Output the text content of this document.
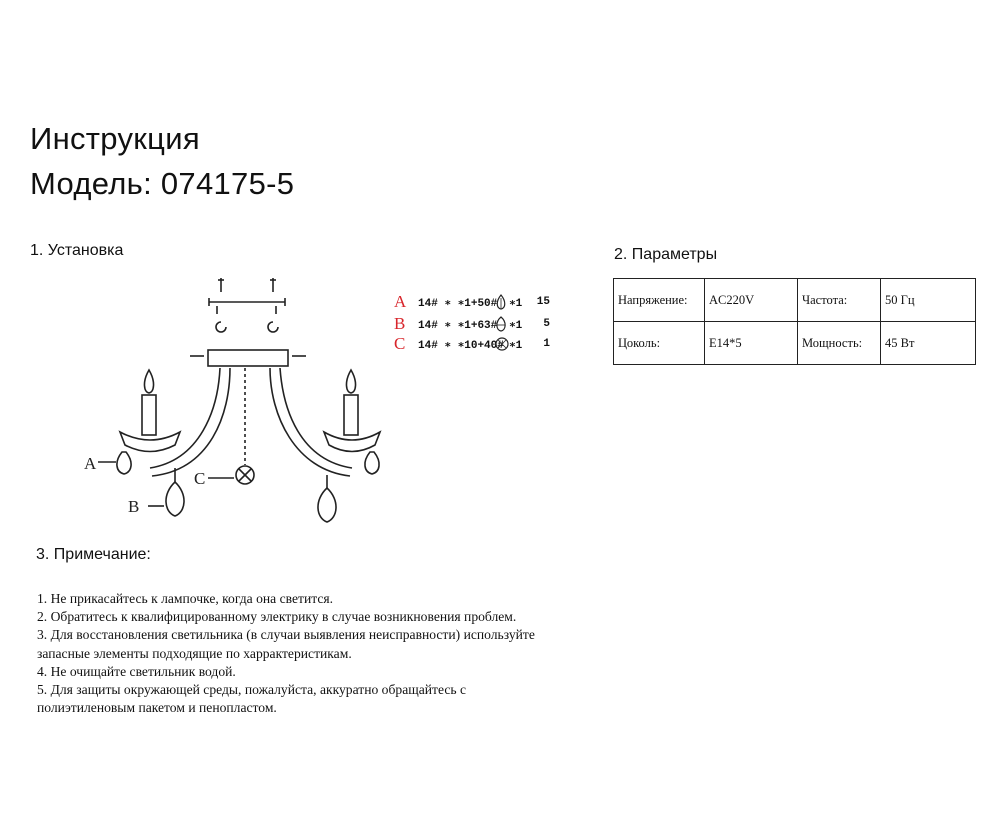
Инструкция
Модель: 074175-5
1. Установка
A
C
B
A 14# ∗ ∗1+50# ∗1 15
B 14# ∗ ∗1+63# ∗1	5
C 14# ∗ ∗10+40# ∗1	1
2. Параметры
Напряжение:	AC220V	Частота:	50 Гц
Цоколь:	E14*5	Мощность:	45 Вт
3. Примечание:
1. Не прикасайтесь к лампочке, когда она светится.
2. Обратитесь к квалифицированному электрику в случае возникновения проблем.
3. Для восстановления светильника (в случаи выявления неисправности) используйте запасные элементы подходящие по харрактеристикам.
4. Не очищайте светильник водой.
5. Для защиты окружающей среды, пожалуйста, аккуратно обращайтесь с полиэтиленовым пакетом и пенопластом.
